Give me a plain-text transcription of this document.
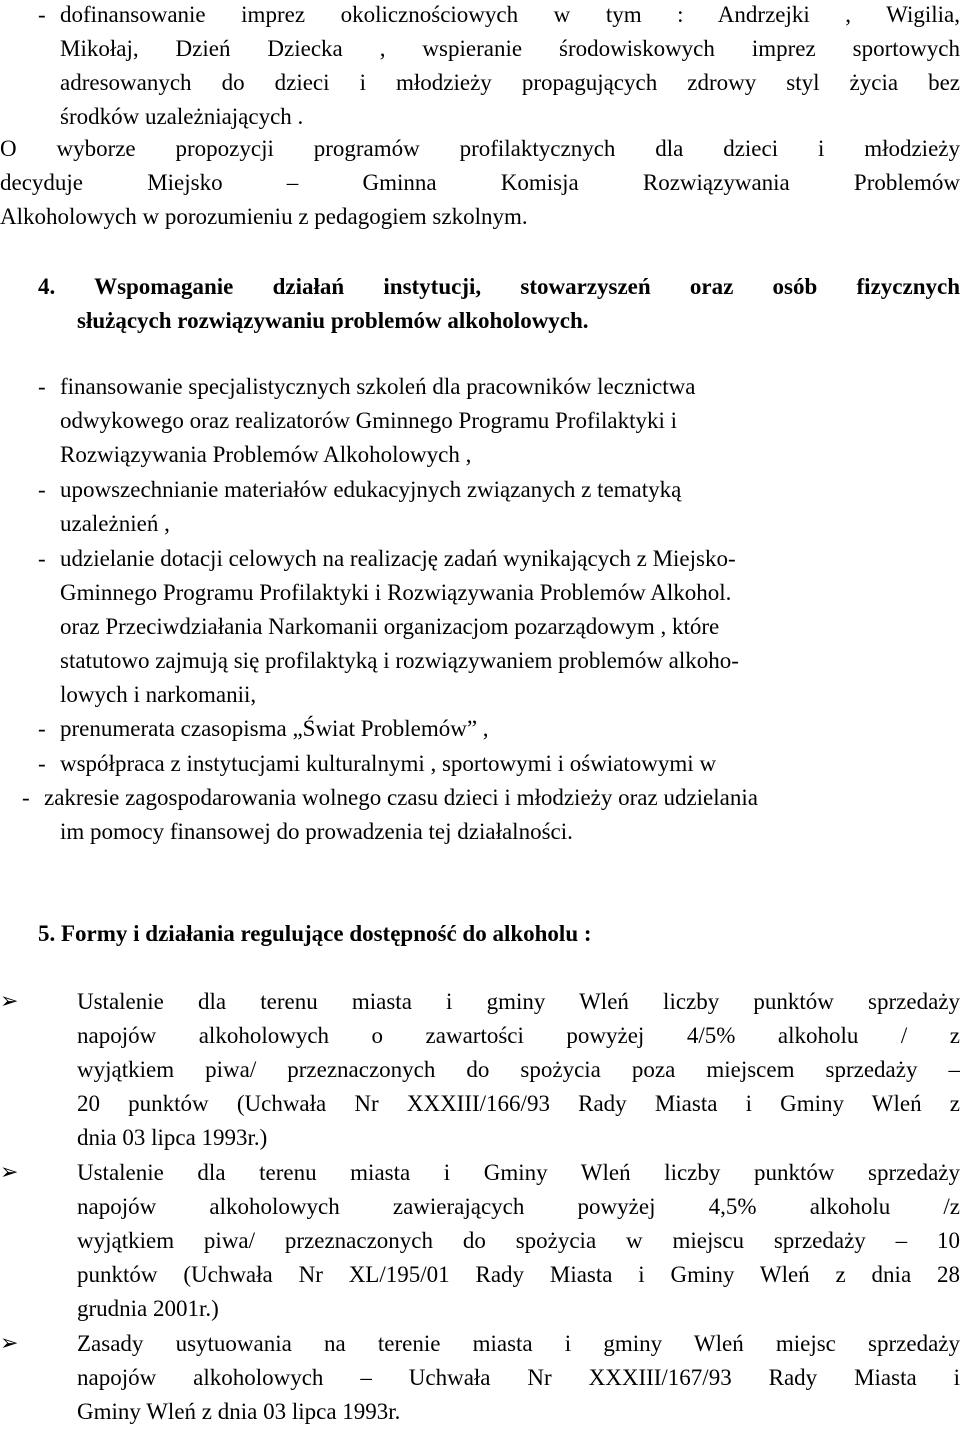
- dofinansowanie imprez okolicznościowych w tym : Andrzejki , Wigilia,
Mikołaj, Dzień Dziecka , wspieranie środowiskowych imprez sportowych
adresowanych do dzieci i młodzieży propagujących zdrowy styl życia bez
środków uzależniających .
O wyborze propozycji programów profilaktycznych dla dzieci i młodzieży
decyduje Miejsko – Gminna Komisja Rozwiązywania Problemów
Alkoholowych w porozumieniu z pedagogiem szkolnym.
4. Wspomaganie działań instytucji, stowarzyszeń oraz osób fizycznych
służących rozwiązywaniu problemów alkoholowych.
- finansowanie specjalistycznych szkoleń dla pracowników lecznictwa
odwykowego oraz realizatorów Gminnego Programu Profilaktyki i
Rozwiązywania Problemów Alkoholowych ,
- upowszechnianie materiałów edukacyjnych związanych z tematyką
uzależnień ,
- udzielanie dotacji celowych na realizację zadań wynikających z Miejsko-
Gminnego Programu Profilaktyki i Rozwiązywania Problemów Alkohol.
oraz Przeciwdziałania Narkomanii organizacjom pozarządowym , które
statutowo zajmują się profilaktyką i rozwiązywaniem problemów alkoho-
lowych i narkomanii,
- prenumerata czasopisma „Świat Problemów” ,
- współpraca z instytucjami kulturalnymi , sportowymi i oświatowymi w
- zakresie zagospodarowania wolnego czasu dzieci i młodzieży oraz udzielania
im pomocy finansowej do prowadzenia tej działalności.
5. Formy i działania regulujące dostępność do alkoholu :
➢	Ustalenie dla terenu miasta i gminy Wleń liczby punktów sprzedaży
napojów alkoholowych o zawartości powyżej 4/5% alkoholu / z
wyjątkiem piwa/ przeznaczonych do spożycia poza miejscem sprzedaży –
20 punktów (Uchwała Nr XXXIII/166/93 Rady Miasta i Gminy Wleń z
dnia 03 lipca 1993r.)
➢	Ustalenie dla terenu miasta i Gminy Wleń liczby punktów sprzedaży
napojów alkoholowych zawierających powyżej 4,5% alkoholu /z
wyjątkiem piwa/ przeznaczonych do spożycia w miejscu sprzedaży – 10
punktów (Uchwała Nr XL/195/01 Rady Miasta i Gminy Wleń z dnia 28
grudnia 2001r.)
➢	Zasady usytuowania na terenie miasta i gminy Wleń miejsc sprzedaży
napojów alkoholowych – Uchwała Nr XXXIII/167/93 Rady Miasta i
Gminy Wleń z dnia 03 lipca 1993r.
